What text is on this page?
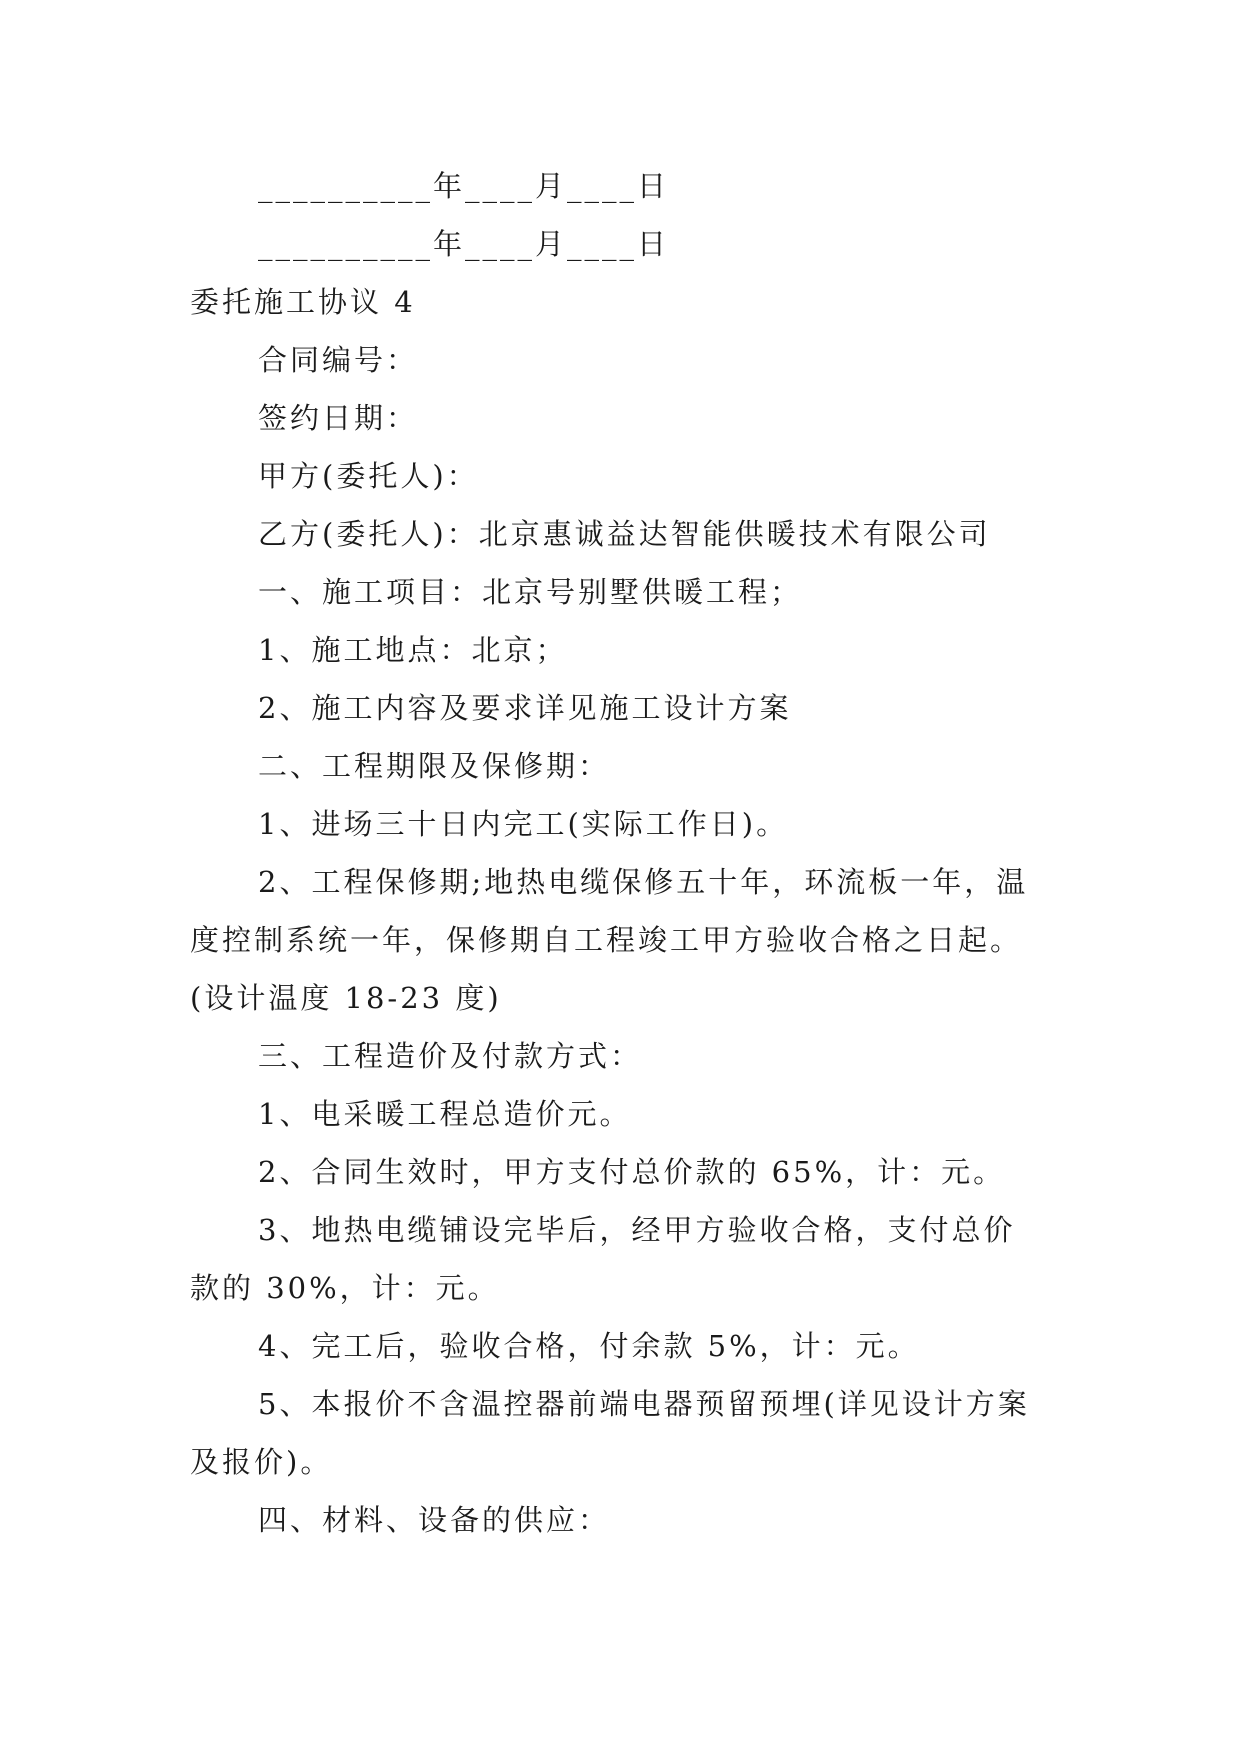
__________年____月____日
__________年____月____日
委托施工协议 4
合同编号：
签约日期：
甲方(委托人)：
乙方(委托人)：北京惠诚益达智能供暖技术有限公司
一、施工项目：北京号别墅供暖工程；
1、施工地点：北京；
2、施工内容及要求详见施工设计方案
二、工程期限及保修期：
1、进场三十日内完工(实际工作日)。
2、工程保修期;地热电缆保修五十年，环流板一年，温
度控制系统一年，保修期自工程竣工甲方验收合格之日起。
(设计温度 18-23 度)
三、工程造价及付款方式：
1、电采暖工程总造价元。
2、合同生效时，甲方支付总价款的 65%，计：元。
3、地热电缆铺设完毕后，经甲方验收合格，支付总价
款的 30%，计：元。
4、完工后，验收合格，付余款 5%，计：元。
5、本报价不含温控器前端电器预留预埋(详见设计方案
及报价)。
四、材料、设备的供应：
